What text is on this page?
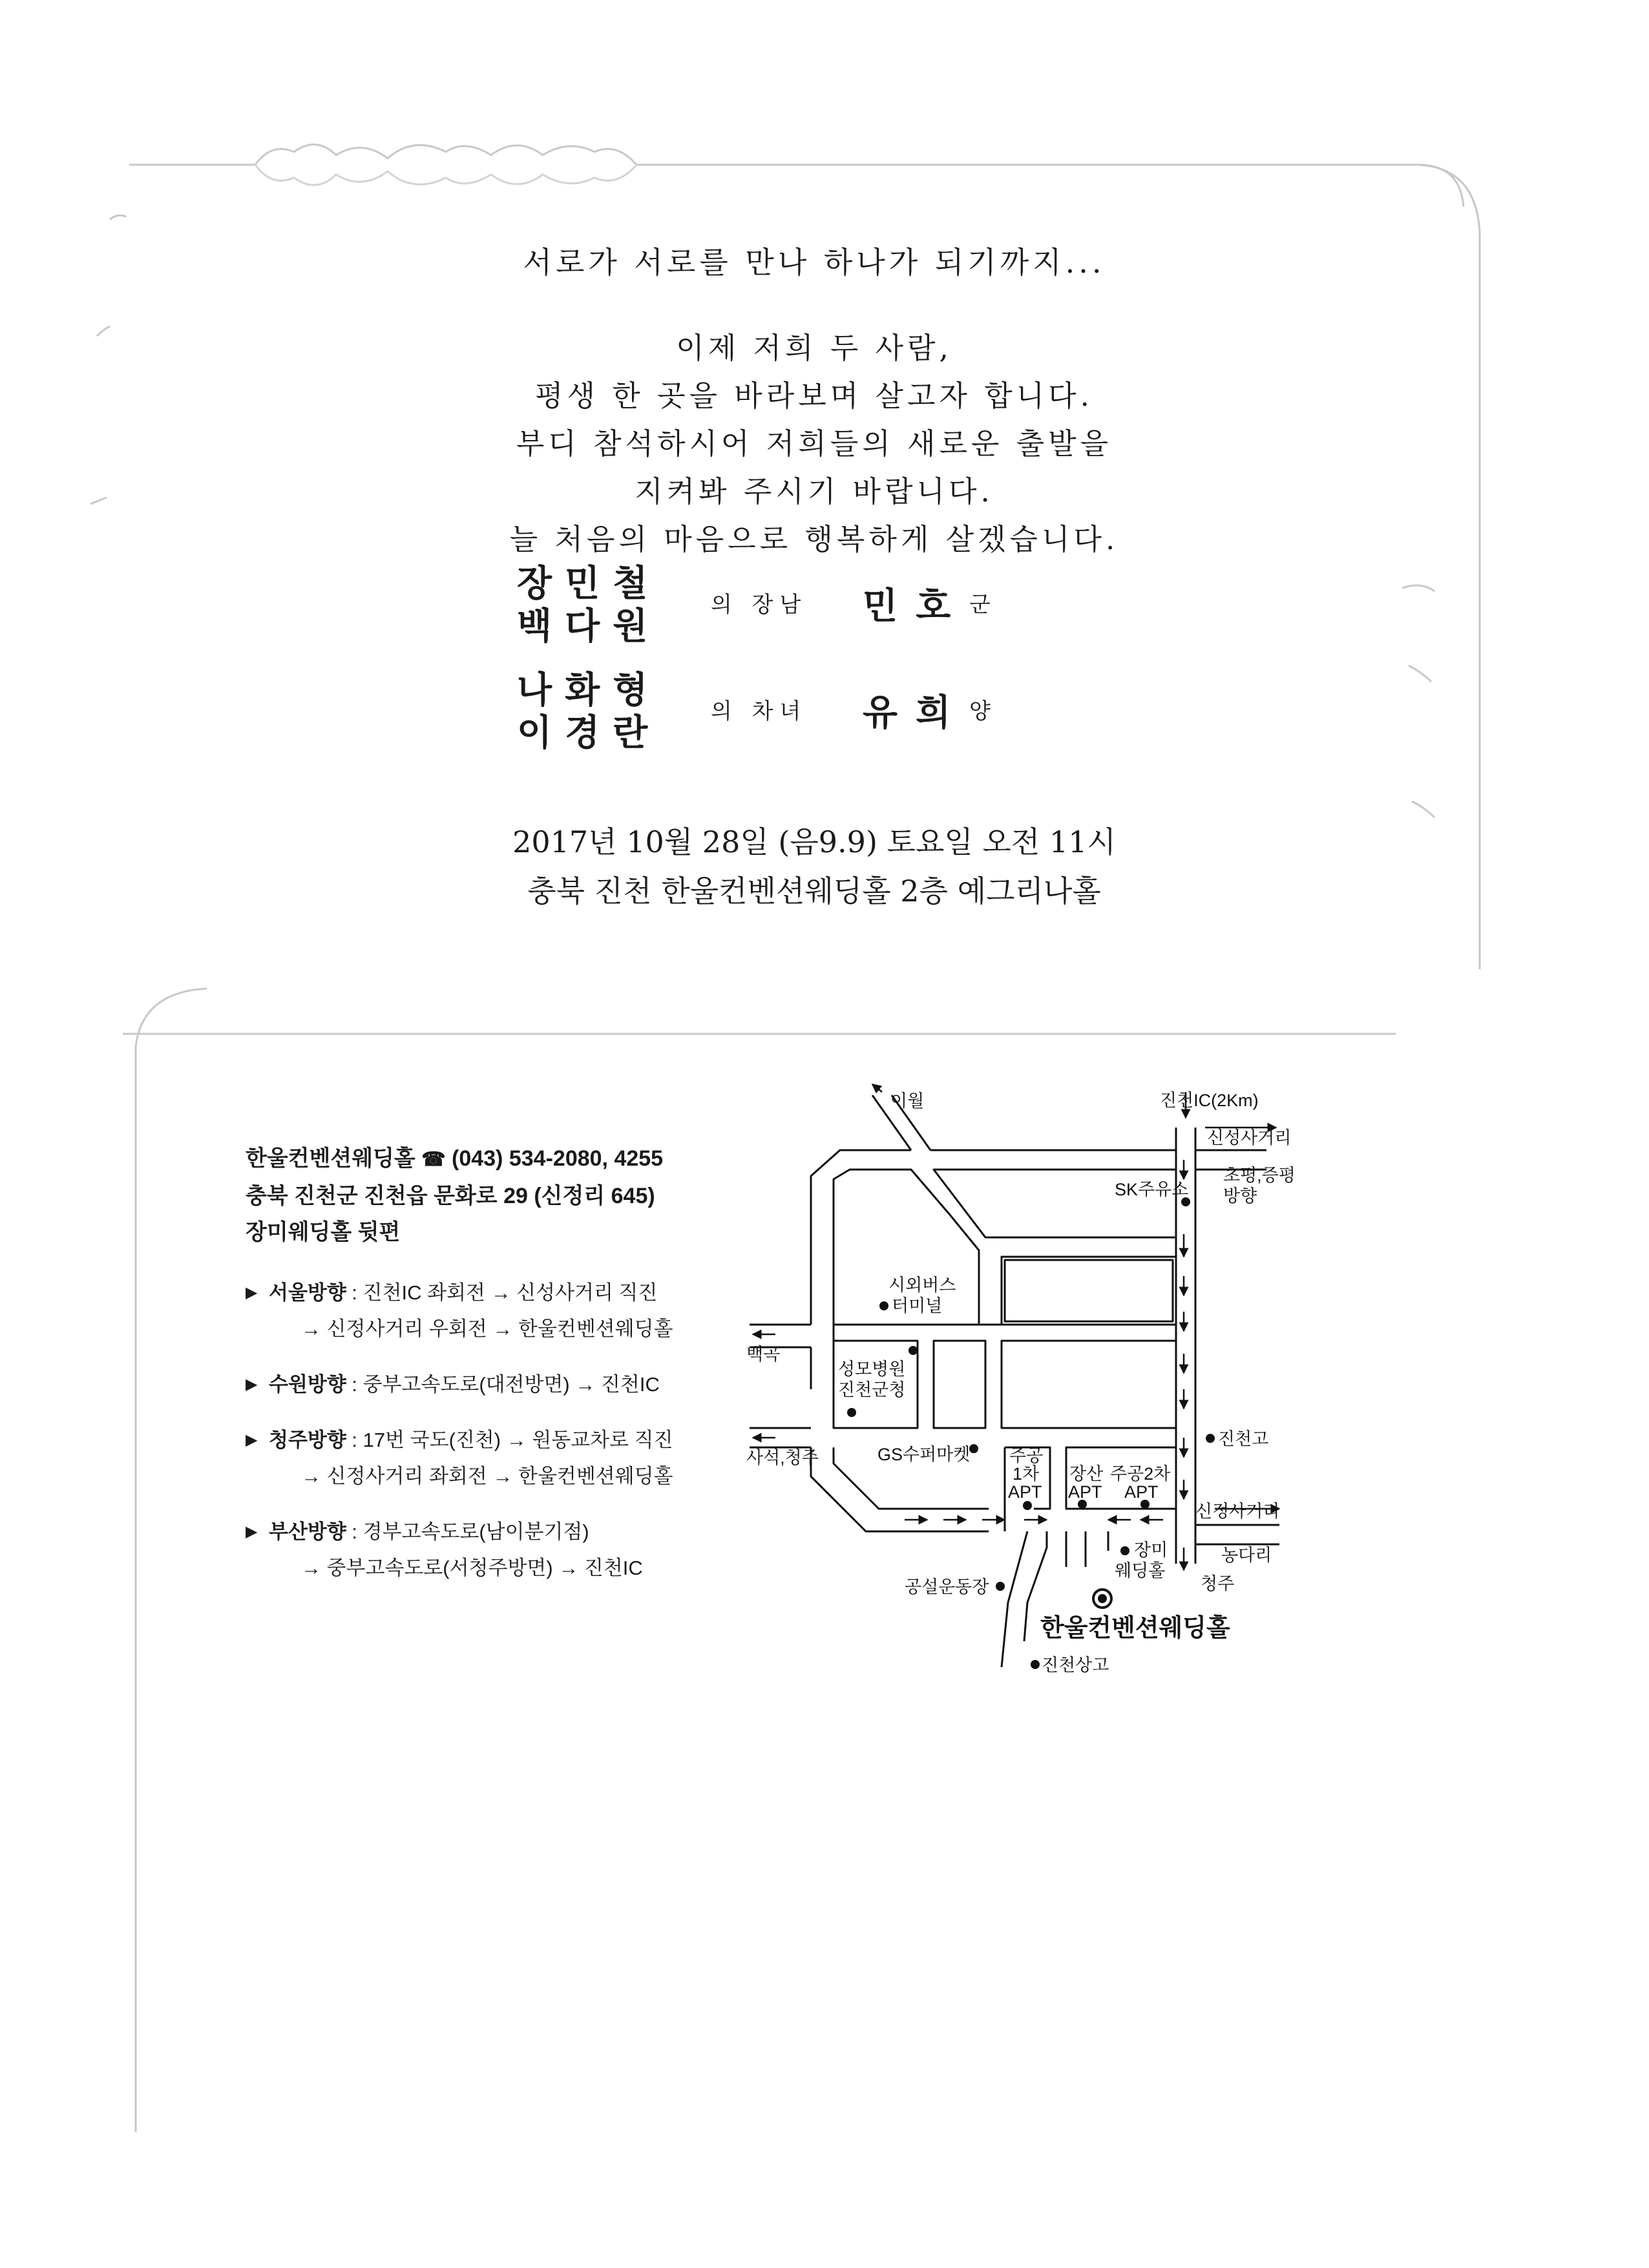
서로가 서로를 만나 하나가 되기까지...
이제 저희 두 사람,
평생 한 곳을 바라보며 살고자 합니다.
부디 참석하시어 저희들의 새로운 출발을
지켜봐 주시기 바랍니다.
늘 처음의 마음으로 행복하게 살겠습니다.
장민철
백다원	의 장남 민호 군
나화형
이경란	의 차녀 유희 양
2017년 10월 28일 (음9.9) 토요일 오전 11시
충북 진천 한울컨벤션웨딩홀 2층 예그리나홀
한울컨벤션웨딩홀 ☎ (043) 534-2080, 4255
충북 진천군 진천읍 문화로 29 (신정리 645)
장미웨딩홀 뒷편
▶ 서울방향 : 진천IC 좌회전 → 신성사거리 직진
→ 신정사거리 우회전 → 한울컨벤션웨딩홀
▶ 수원방향 : 중부고속도로(대전방면) → 진천IC
▶ 청주방향 : 17번 국도(진천) → 원동교차로 직진
→ 신정사거리 좌회전 → 한울컨벤션웨딩홀
▶ 부산방향 : 경부고속도로(남이분기점)
→ 중부고속도로(서청주방면) → 진천IC
이월	진천IC(2Km)
신성사거리
초평,증평
방향
SK주유소
시외버스
터미널
백곡
성모병원
진천군청
사석,청주	GS수퍼마켓 주공
1차
APT
장산
APT
주공2차
APT
진천고
신정사거리
농다리
청주
장미
웨딩홀
공설운동장
진천상고
한울컨벤션웨딩홀
